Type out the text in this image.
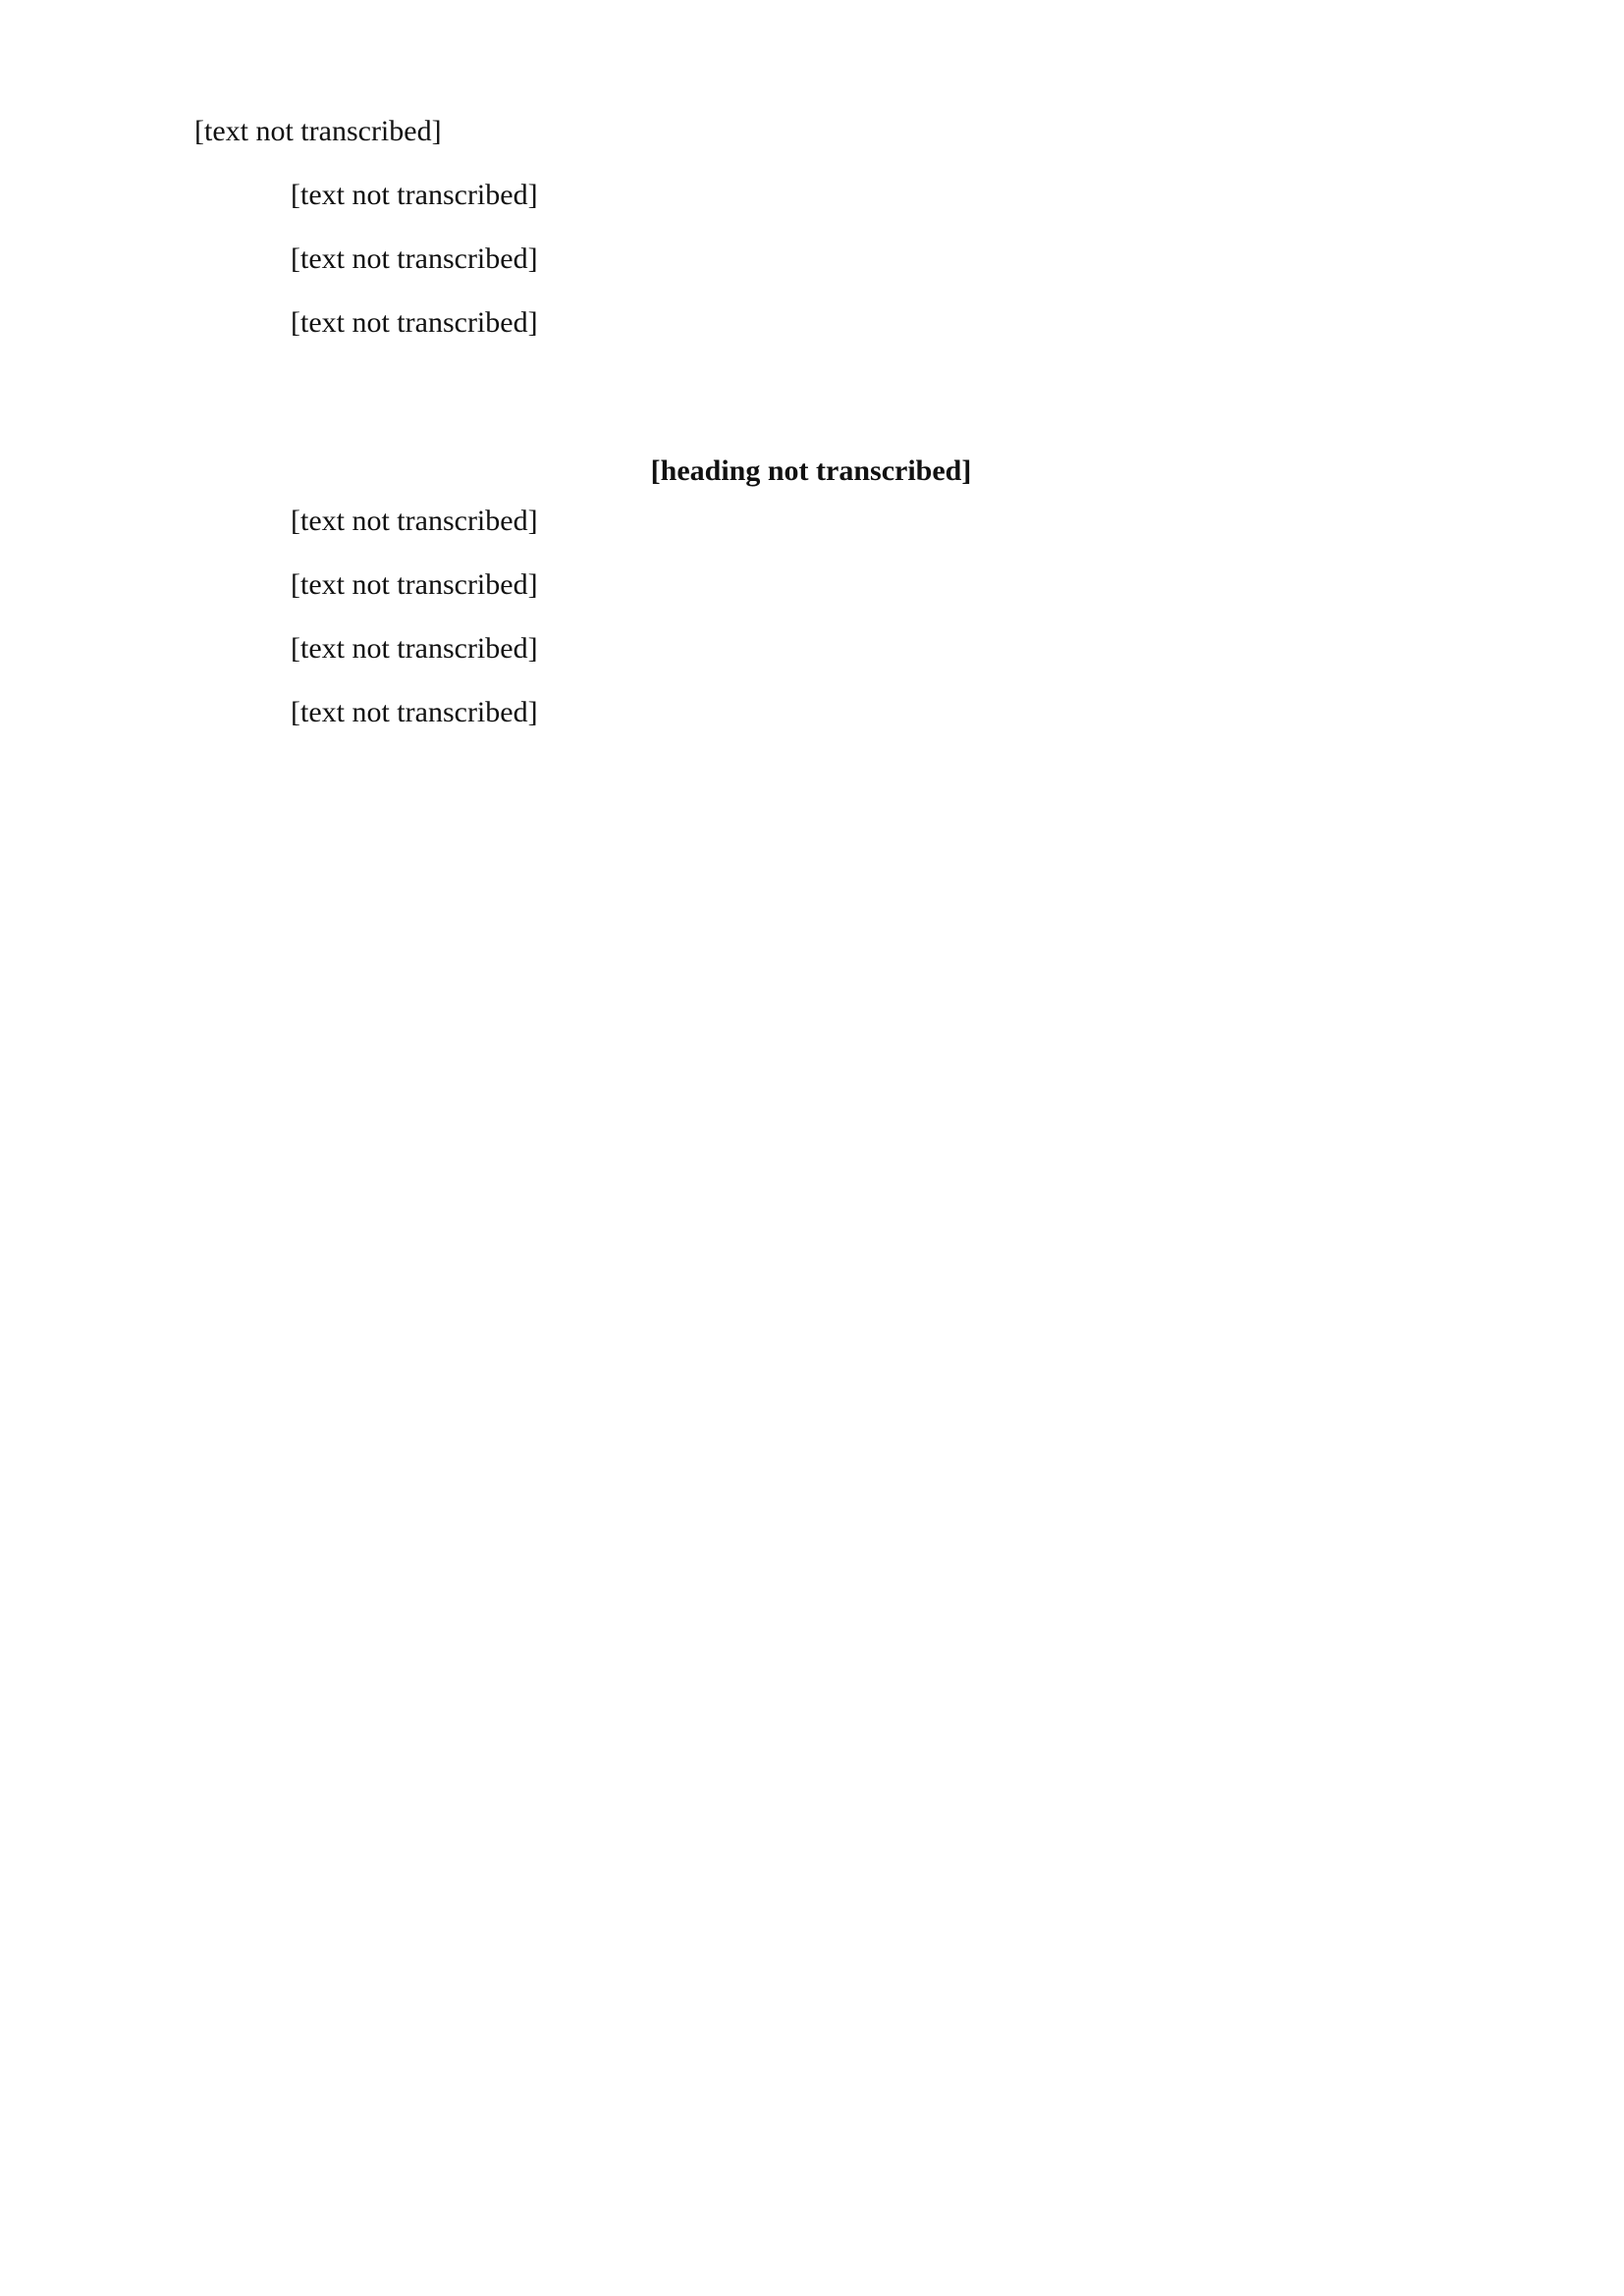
[text not transcribed]

[text not transcribed]

[text not transcribed]

[text not transcribed]

[heading not transcribed]

[text not transcribed]

[text not transcribed]

[text not transcribed]

[text not transcribed]
